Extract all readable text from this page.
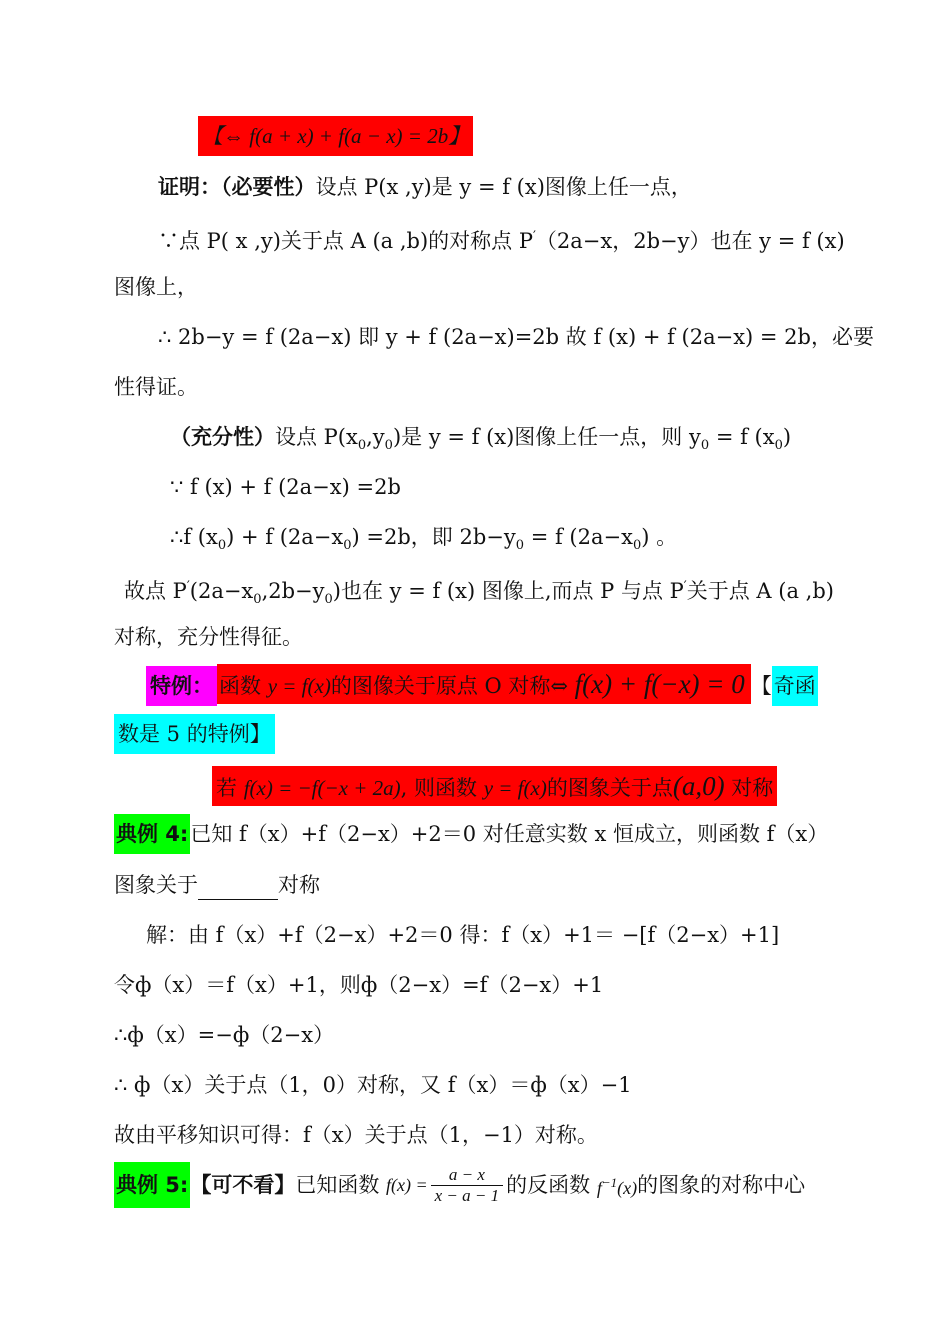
【⇔ f(a + x) + f(a − x) = 2b】
证明：（必要性）设点 P(x ,y)是 y = f (x)图像上任一点，
∵点 P( x ,y)关于点 A (a ,b)的对称点 P′（2a−x，2b−y）也在 y = f (x)
图像上，
∴ 2b−y = f (2a−x) 即 y + f (2a−x)=2b 故 f (x) + f (2a−x) = 2b，必要
性得证。
（充分性）设点 $P(x_0,y_0)$是 y = f (x)图像上任一点，则 $y_0 = f$ $(x_0)$
∵ f (x) + f (2a−x) =2b
∴f $(x_0) + f$ $(2a-x_0) =2b$，即 $2b-y_0 = f$ $(2a-x_0)$ 。
故点 $P'(2a-x_0,2b-y_0)$也在 y = f (x) 图像上,而点 P 与点 P′关于点 A (a ,b)
对称，充分性得征。
特例： 函数 y = f(x)的图像关于原点 O 对称⇔ f(x) + f(−x) = 0 【奇函
数是 5 的特例】
若 f(x) = −f(−x + 2a), 则函数 y = f(x)的图象关于点(a,0) 对称
典例 4:已知 f（x）+f（2−x）+2＝0 对任意实数 x 恒成立，则函数 f（x）
图象关于	对称
解：由 f（x）+f（2−x）+2＝0 得：f（x）+1＝ −[f（2−x）+1]
令ф（x）＝f（x）+1，则ф（2−x）=f（2−x）+1
∴ф（x）=−ф（2−x）
∴ ф（x）关于点（1，0）对称，又 f（x）＝ф（x）−1
故由平移知识可得：f（x）关于点（1，−1）对称。
典例 5:【可不看】已知函数 $f(x) = \frac{a - x}{x - a - 1}$ 的反函数 $f^{-1}(x)$的图象的对称中心
